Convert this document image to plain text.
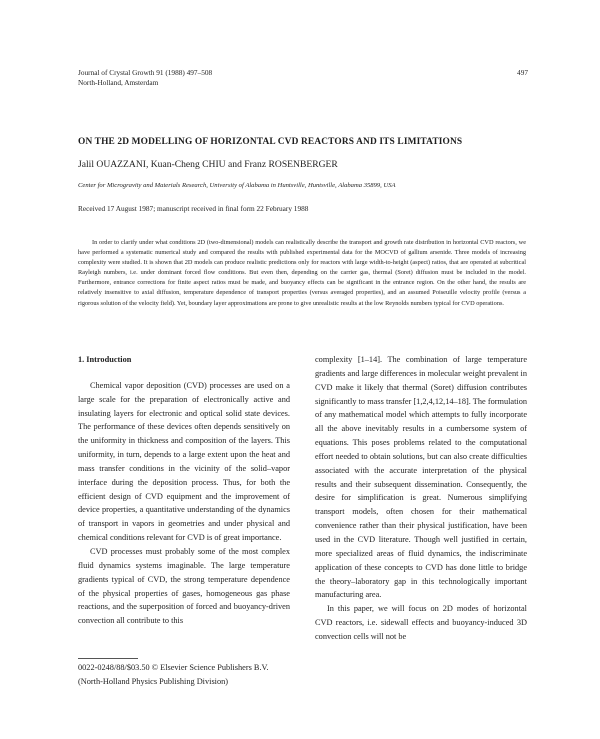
Journal of Crystal Growth 91 (1988) 497–508
North-Holland, Amsterdam
497
ON THE 2D MODELLING OF HORIZONTAL CVD REACTORS AND ITS LIMITATIONS
Jalil OUAZZANI, Kuan-Cheng CHIU and Franz ROSENBERGER
Center for Microgravity and Materials Research, University of Alabama in Huntsville, Huntsville, Alabama 35899, USA
Received 17 August 1987; manuscript received in final form 22 February 1988
In order to clarify under what conditions 2D (two-dimensional) models can realistically describe the transport and growth rate distribution in horizontal CVD reactors, we have performed a systematic numerical study and compared the results with published experimental data for the MOCVD of gallium arsenide. Three models of increasing complexity were studied. It is shown that 2D models can produce realistic predictions only for reactors with large width-to-height (aspect) ratios, that are operated at subcritical Rayleigh numbers, i.e. under dominant forced flow conditions. But even then, depending on the carrier gas, thermal (Soret) diffusion must be included in the model. Furthermore, entrance corrections for finite aspect ratios must be made, and buoyancy effects can be significant in the entrance region. On the other hand, the results are relatively insensitive to axial diffusion, temperature dependence of transport properties (versus averaged properties), and an assumed Poiseuille velocity profile (versus a rigorous solution of the velocity field). Yet, boundary layer approximations are prone to give unrealistic results at the low Reynolds numbers typical for CVD operations.
1. Introduction

Chemical vapor deposition (CVD) processes are used on a large scale for the preparation of electronically active and insulating layers for electronic and optical solid state devices. The performance of these devices often depends sensitively on the uniformity in thickness and composition of the layers. This uniformity, in turn, depends to a large extent upon the heat and mass transfer conditions in the vicinity of the solid–vapor interface during the deposition process. Thus, for both the efficient design of CVD equipment and the improvement of device properties, a quantitative understanding of the dynamics of transport in vapors in geometries and under physical and chemical conditions relevant for CVD is of great importance.

CVD processes must probably some of the most complex fluid dynamics systems imaginable. The large temperature gradients typical of CVD, the strong temperature dependence of the physical properties of gases, homogeneous gas phase reactions, and the superposition of forced and buoyancy-driven convection all contribute to this

complexity [1–14]. The combination of large temperature gradients and large differences in molecular weight prevalent in CVD make it likely that thermal (Soret) diffusion contributes significantly to mass transfer [1,2,4,12,14–18]. The formulation of any mathematical model which attempts to fully incorporate all the above inevitably results in a cumbersome system of equations. This poses problems related to the computational effort needed to obtain solutions, but can also create difficulties associated with the accurate interpretation of the physical results and their subsequent dissemination. Consequently, the desire for simplification is great. Numerous simplifying transport models, often chosen for their mathematical convenience rather than their physical justification, have been used in the CVD literature. Though well justified in certain, more specialized areas of fluid dynamics, the indiscriminate application of these concepts to CVD has done little to bridge the theory–laboratory gap in this technologically important manufacturing area.

In this paper, we will focus on 2D modes of horizontal CVD reactors, i.e. sidewall effects and buoyancy-induced 3D convection cells will not be

0022-0248/88/$03.50 © Elsevier Science Publishers B.V.
(North-Holland Physics Publishing Division)
